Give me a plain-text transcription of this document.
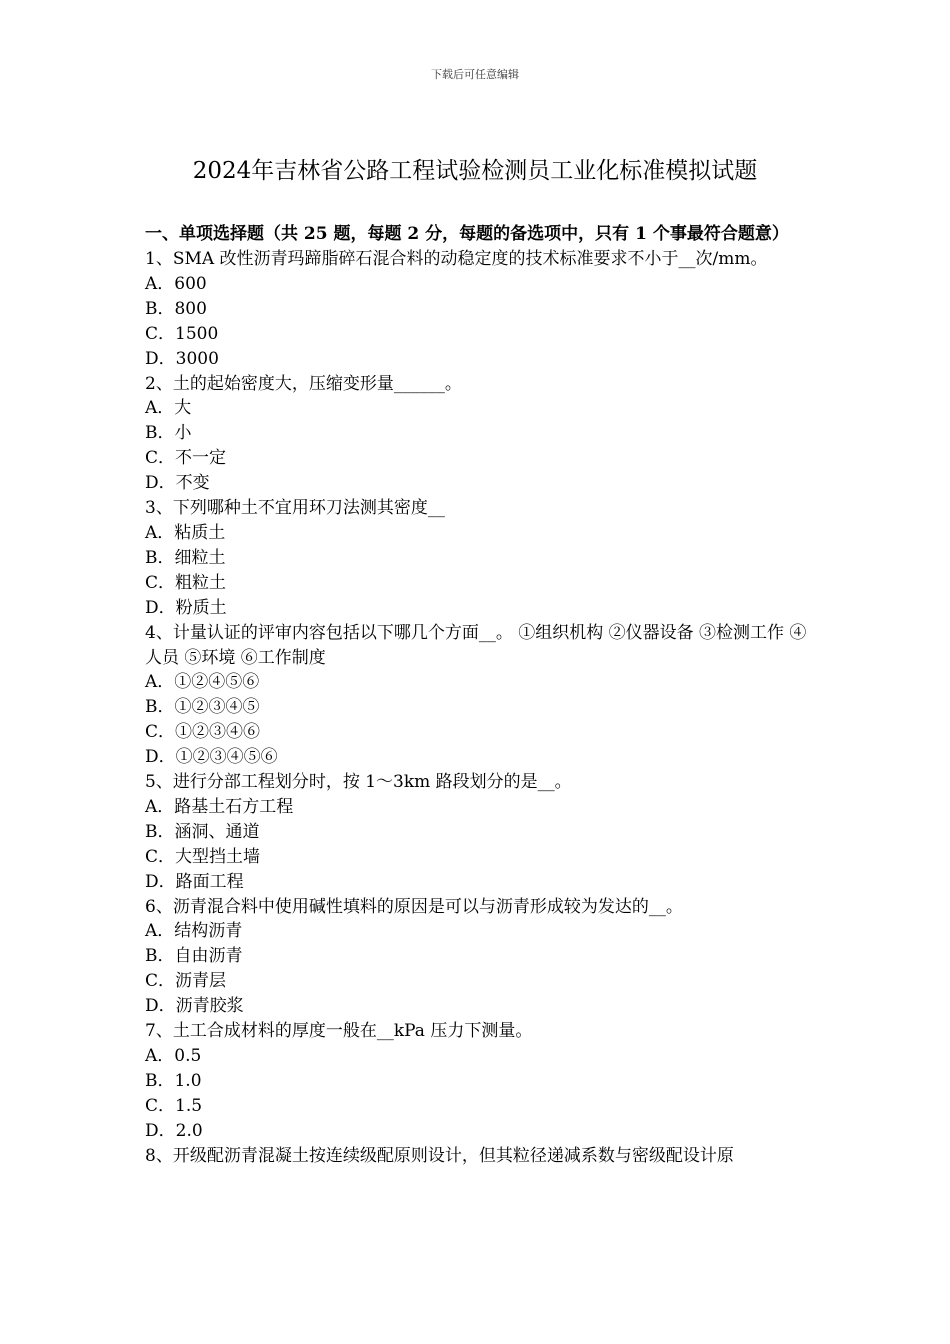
下载后可任意编辑
2024年吉林省公路工程试验检测员工业化标准模拟试题
一、单项选择题（共 25 题，每题 2 分，每题的备选项中，只有 1 个事最符合题意）
1、SMA 改性沥青玛蹄脂碎石混合料的动稳定度的技术标准要求不小于__次/mm。
A．600
B．800
C．1500
D．3000
2、土的起始密度大，压缩变形量______。
A．大
B．小
C．不一定
D．不变
3、下列哪种土不宜用环刀法测其密度__
A．粘质土
B．细粒土
C．粗粒土
D．粉质土
4、计量认证的评审内容包括以下哪几个方面__。 ①组织机构 ②仪器设备 ③检测工作 ④人员 ⑤环境 ⑥工作制度
A．①②④⑤⑥
B．①②③④⑤
C．①②③④⑥
D．①②③④⑤⑥
5、进行分部工程划分时，按 1～3km 路段划分的是__。
A．路基土石方工程
B．涵洞、通道
C．大型挡土墙
D．路面工程
6、沥青混合料中使用碱性填料的原因是可以与沥青形成较为发达的__。
A．结构沥青
B．自由沥青
C．沥青层
D．沥青胶浆
7、土工合成材料的厚度一般在__kPa 压力下测量。
A．0.5
B．1.0
C．1.5
D．2.0
8、开级配沥青混凝土按连续级配原则设计，但其粒径递减系数与密级配设计原
